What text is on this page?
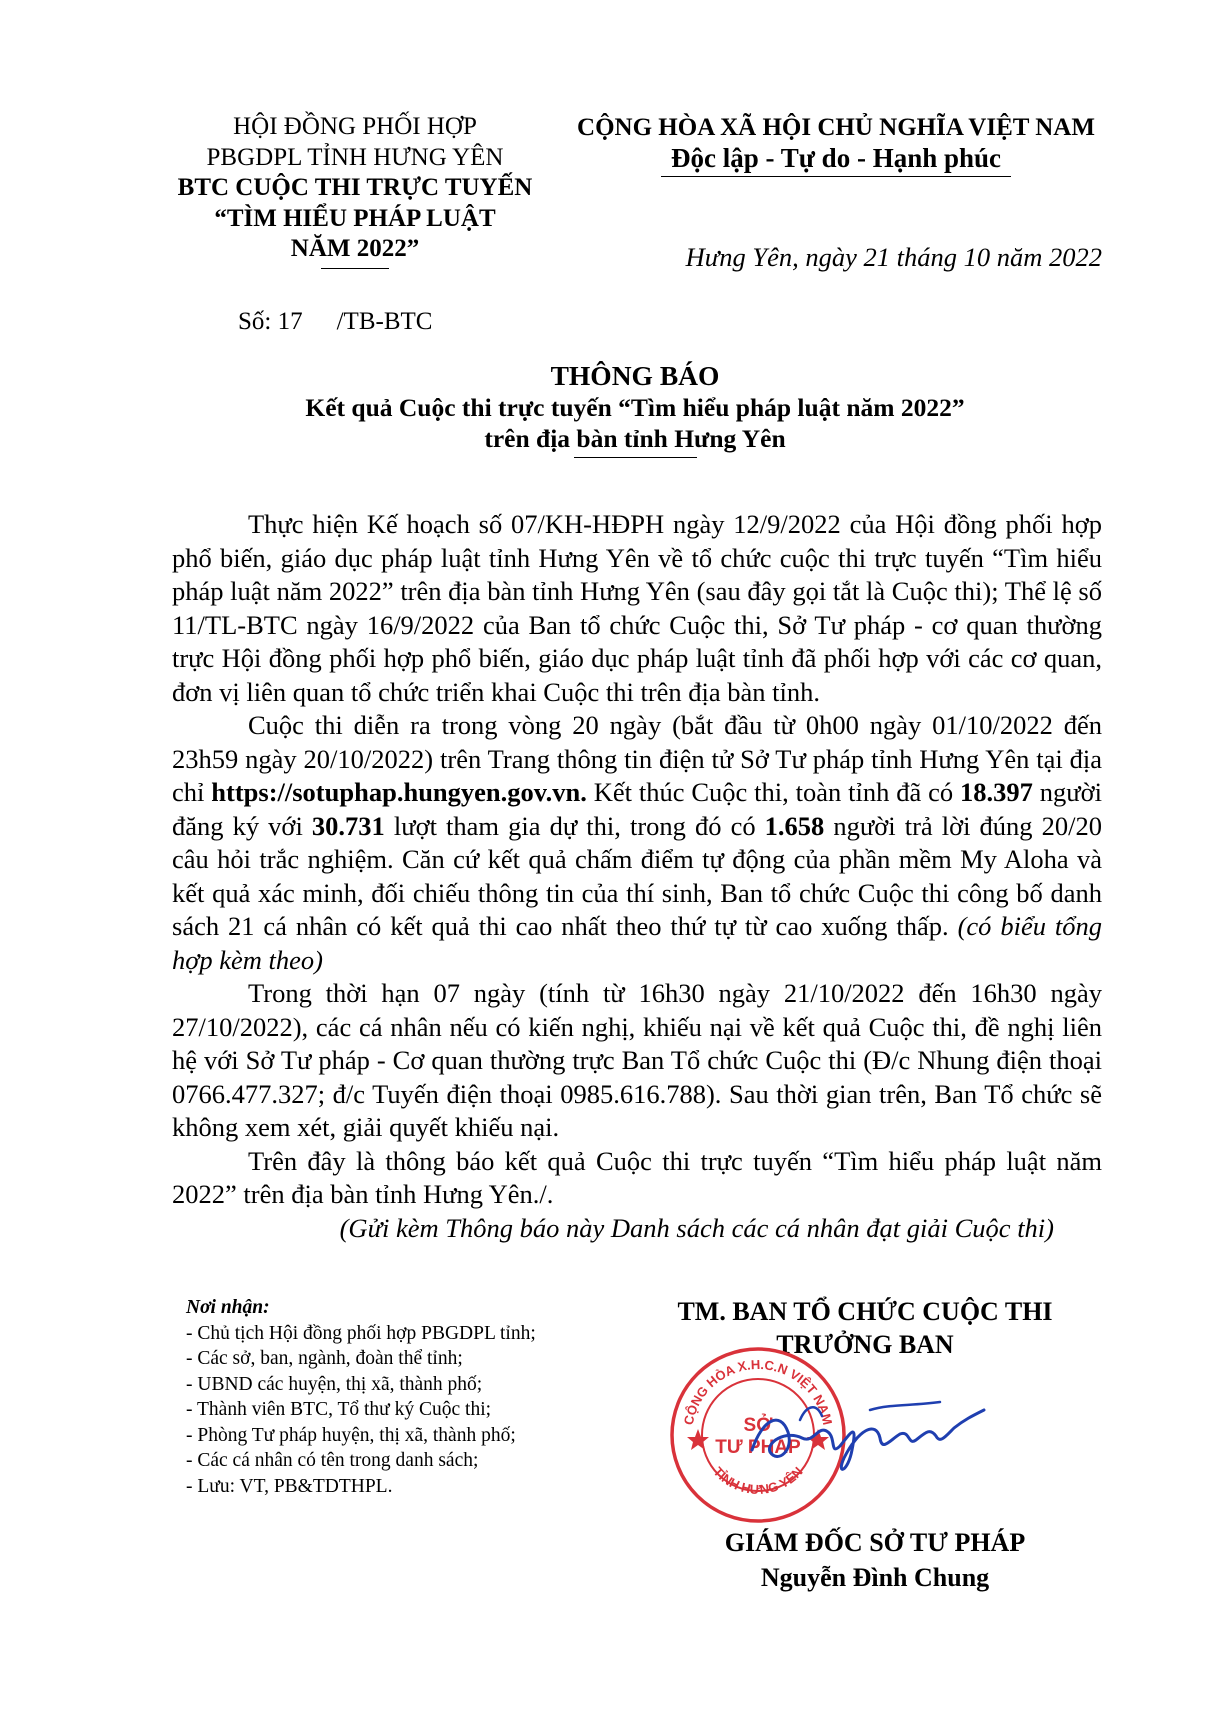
HỘI ĐỒNG PHỐI HỢP
PBGDPL TỈNH HƯNG YÊN
BTC CUỘC THI TRỰC TUYẾN
“TÌM HIỂU PHÁP LUẬT
NĂM 2022”
CỘNG HÒA XÃ HỘI CHỦ NGHĨA VIỆT NAM
Độc lập - Tự do - Hạnh phúc
Hưng Yên, ngày 21 tháng 10 năm 2022
Số: 17 /TB-BTC
THÔNG BÁO
Kết quả Cuộc thi trực tuyến “Tìm hiểu pháp luật năm 2022”
trên địa bàn tỉnh Hưng Yên

Thực hiện Kế hoạch số 07/KH-HĐPH ngày 12/9/2022 của Hội đồng phối hợp phổ biến, giáo dục pháp luật tỉnh Hưng Yên về tổ chức cuộc thi trực tuyến “Tìm hiểu pháp luật năm 2022” trên địa bàn tỉnh Hưng Yên (sau đây gọi tắt là Cuộc thi); Thể lệ số 11/TL-BTC ngày 16/9/2022 của Ban tổ chức Cuộc thi, Sở Tư pháp - cơ quan thường trực Hội đồng phối hợp phổ biến, giáo dục pháp luật tỉnh đã phối hợp với các cơ quan, đơn vị liên quan tổ chức triển khai Cuộc thi trên địa bàn tỉnh.

Cuộc thi diễn ra trong vòng 20 ngày (bắt đầu từ 0h00 ngày 01/10/2022 đến 23h59 ngày 20/10/2022) trên Trang thông tin điện tử Sở Tư pháp tỉnh Hưng Yên tại địa chỉ https://sotuphap.hungyen.gov.vn. Kết thúc Cuộc thi, toàn tỉnh đã có 18.397 người đăng ký với 30.731 lượt tham gia dự thi, trong đó có 1.658 người trả lời đúng 20/20 câu hỏi trắc nghiệm. Căn cứ kết quả chấm điểm tự động của phần mềm My Aloha và kết quả xác minh, đối chiếu thông tin của thí sinh, Ban tổ chức Cuộc thi công bố danh sách 21 cá nhân có kết quả thi cao nhất theo thứ tự từ cao xuống thấp. (có biểu tổng hợp kèm theo)

Trong thời hạn 07 ngày (tính từ 16h30 ngày 21/10/2022 đến 16h30 ngày 27/10/2022), các cá nhân nếu có kiến nghị, khiếu nại về kết quả Cuộc thi, đề nghị liên hệ với Sở Tư pháp - Cơ quan thường trực Ban Tổ chức Cuộc thi (Đ/c Nhung điện thoại 0766.477.327; đ/c Tuyến điện thoại 0985.616.788). Sau thời gian trên, Ban Tổ chức sẽ không xem xét, giải quyết khiếu nại.

Trên đây là thông báo kết quả Cuộc thi trực tuyến “Tìm hiểu pháp luật năm 2022” trên địa bàn tỉnh Hưng Yên./.

(Gửi kèm Thông báo này Danh sách các cá nhân đạt giải Cuộc thi)

Nơi nhận:
- Chủ tịch Hội đồng phối hợp PBGDPL tỉnh;
- Các sở, ban, ngành, đoàn thể tỉnh;
- UBND các huyện, thị xã, thành phố;
- Thành viên BTC, Tổ thư ký Cuộc thi;
- Phòng Tư pháp huyện, thị xã, thành phố;
- Các cá nhân có tên trong danh sách;
- Lưu: VT, PB&TDTHPL.
TM. BAN TỔ CHỨC CUỘC THI
TRƯỞNG BAN
CỘNG HÒA X.H.C.N VIỆT NAM
TỈNH HƯNG YÊN
SỞ
TƯ PHÁP
GIÁM ĐỐC SỞ TƯ PHÁP
Nguyễn Đình Chung
